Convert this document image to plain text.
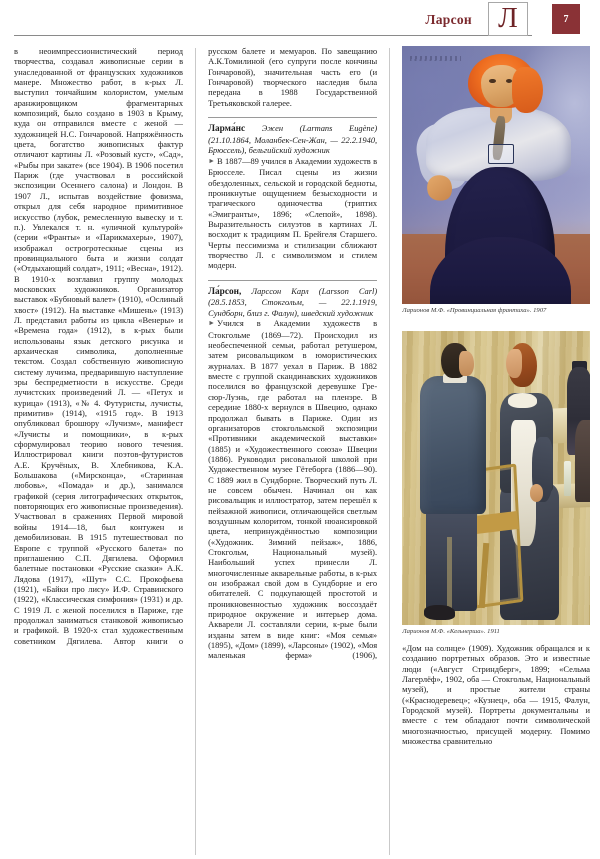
Ларсон Л	7

в неоимпрессионистический период творчества, создавал живописные серии в унаследованной от французских художников манере. Множество работ, в к-рых Л. выступил тончайшим колористом, умелым аранжировщиком фрагментарных композиций, было создано в 1903 в Крыму, куда он отправился вместе с женой — художницей Н.С. Гончаровой. Напряжённость цвета, богатство живописных фактур отличают картины Л. «Розовый куст», «Сад», «Рыбы при закате» (все 1904). В 1906 посетил Париж (где участвовал в российской экспозиции Осеннего салона) и Лондон. В 1907 Л., испытав воздействие фовизма, открыл для себя народное примитивное искусство (лубок, ремесленную вывеску и т. п.). Увлекался т. н. «уличной культурой» (серии «Франты» и «Парикмахеры», 1907), изображал острогротескные сцены из провинциального быта и жизни солдат («Отдыхающий солдат», 1911; «Весна», 1912). В 1910-х возглавил группу молодых московских художников. Организатор выставок «Бубновый валет» (1910), «Ослиный хвост» (1912). На выставке «Мишень» (1913) Л. представил работы из цикла «Венеры» и «Времена года» (1912), в к-рых были использованы язык детского рисунка и архаическая символика, дополненные текстом. Создал собственную живописную систему лучизма, предварившую наступление эры беспредметности в искусстве. Среди лучистских произведений Л. — «Петух и курица» (1913), «№ 4. Футуристы, лучисты, примитив» (1914), «1915 год». В 1913 опубликовал брошюру «Лучизм», манифест «Лучисты и помощники», в к-рых сформулировал теорию нового течения. Иллюстрировал книги поэтов-футуристов А.Е. Кручёных, В. Хлебникова, К.А. Большакова («Мирсконца», «Старинная любовь», «Помада» и др.), занимался графикой (серия литографических открыток, повторяющих его живописные произведения). Участвовал в сражениях Первой мировой войны 1914—18, был контужен и демобилизован. В 1915 путешествовал по Европе с труппой «Русского балета» по приглашению С.П. Дягилева. Оформил балетные постановки «Русские сказки» А.К. Лядова (1917), «Шут» С.С. Прокофьева (1921), «Байки про лису» И.Ф. Стравинского (1922), «Классическая симфония» (1931) и др. С 1919 Л. с женой поселился в Париже, где продолжал заниматься станковой живописью и графикой. В 1920-х стал художественным советником Дягилева. Автор книги о

русском балете и мемуаров. По завещанию А.К.Томилиной (его супруги после кончины Гончаровой), значительная часть его (и Гончаровой) творческого наследия была передана в 1988 Государственной Третьяковской галерее.

Ларма́нс Эжен (Larmans Eugène) (21.10.1864, Моланбек-Сен-Жан, — 22.2.1940, Брюссель), бельгийский художник

► В 1887—89 учился в Академии художеств в Брюсселе. Писал сцены из жизни обездоленных, сельской и городской бедноты, проникнутые ощущением безысходности и трагического одиночества (триптих «Эмигранты», 1896; «Слепой», 1898). Выразительность силуэтов в картинах Л. восходит к традициям П. Брейгеля Старшего. Черты пессимизма и стилизации сближают творчество Л. с символизмом и стилем модерн.

Ла́рсон, Ларссон Карл (Larsson Carl) (28.5.1853, Стокгольм, — 22.1.1919, Сундборн, близ г. Фалун), шведский художник

► Учился в Академии художеств в Стокгольме (1869—72). Происходил из необеспеченной семьи, работал ретушером, затем рисовальщиком в юмористических журналах. В 1877 уехал в Париж. В 1882 вместе с группой скандинавских художников поселился во французской деревушке Гре-сюр-Луэнь, где работал на пленэре. В середине 1880-х вернулся в Швецию, однако продолжал бывать в Париже. Один из организаторов стокгольмской экспозиции «Противники академической выставки» (1885) и «Художественного союза» Швеции (1886). Руководил рисовальной школой при Художественном музее Гётеборга (1886—90). С 1889 жил в Сундборне. Творческий путь Л. не совсем обычен. Начинал он как рисовальщик и иллюстратор, затем перешёл к пейзажной живописи, отличающейся светлым воздушным колоритом, тонкой нюансировкой цвета, непринуждённостью композиции («Художник. Зимний пейзаж», 1886, Стокгольм, Национальный музей). Наибольший успех принесли Л. многочисленные акварельные работы, в к-рых он изображал свой дом в Сундборне и его обитателей. С подкупающей простотой и проникновенностью художник воссоздаёт природное окружение и интерьер дома. Акварели Л. составляли серии, к-рые были изданы затем в виде книг: «Моя семья» (1895), «Дом» (1899), «Ларсоны» (1902), «Моя маленькая ферма» (1906),

Ларионов М.Ф. «Провинциальная франтиха». 1907
Ларионов М.Ф. «Кельнерша». 1911

«Дом на солнце» (1909). Художник обращался и к созданию портретных образов. Это и известные люди («Август Стриндберг», 1899; «Сельма Лагерлёф», 1902, оба — Стокгольм, Национальный музей), и простые жители страны («Краснодеревец»; «Кузнец», оба — 1915, Фалун, Городской музей). Портреты документальны и вместе с тем обладают почти символической многозначностью, присущей модерну. Помимо множества сравнительно
